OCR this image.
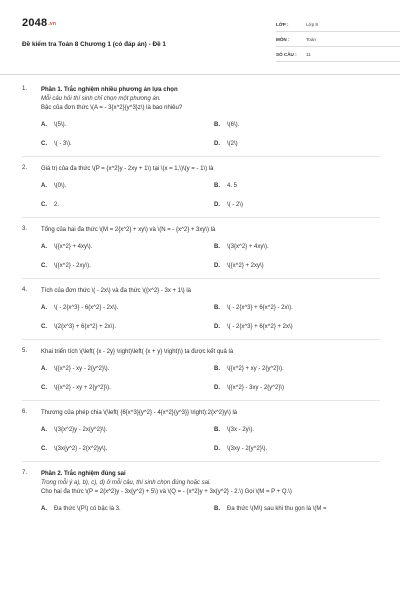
2048.vn
Đề kiểm tra Toán 8 Chương 1 (có đáp án) - Đề 1
LỚP :	Lớp 8
MÔN :	Toán
SỐ CÂU :	11
1. Phần 1. Trắc nghiệm nhiều phương án lựa chọn
Mỗi câu hỏi thí sinh chỉ chọn một phương án.
Bậc của đơn thức \(A = - 3{x^2}{y^3}z\) là bao nhiêu?
A.	\(5\).	B.	\(6\).
C.	\( - 3\).	D.	\(2\)
2. Giá trị của đa thức \(P = {x^2}y - 2xy + 1\) tại \(x = 1,\)\(y = - 1\) là
A.	\(0\).	B.	4. 5
C.	2.	D.	\( - 2\)
3. Tổng của hai đa thức \(M = 2{x^2} + xy\) và \(N = - {x^2} + 3xy\) là
A.	\({x^2} + 4xy\).	B.	\(3{x^2} + 4xy\).
C.	\({x^2} - 2xy\).	D.	\({x^2} + 2xy\)
4. Tích của đơn thức \( - 2x\) và đa thức \({x^2} - 3x + 1\) là
A.	\( - 2{x^3} - 6{x^2} - 2x\).	B.	\( - 2{x^3} + 6{x^2} - 2x\).
C.	\(2{x^3} + 6{x^2} + 2x\).	D.	\( - 2{x^3} + 6{x^2} + 2x\)
5. Khai triển tích \(\left( {x - 2y} \right)\left( {x + y} \right)\) ta được kết quả là
A.	\({x^2} - xy - 2{y^2}\).	B.	\({x^2} + xy - 2{y^2}\).
C.	\({x^2} - xy + 2{y^2}\).	D.	\({x^2} - 3xy - 2{y^2}\)
6. Thương của phép chia \(\left( {6{x^3}{y^2} - 4{x^2}{y^3}} \right):2{x^2}y\) là
A.	\(3{x^2}y - 2x{y^2}\).	B.	\(3x - 2y\).
C.	\(3x{y^2} - 2{x^2}y\).	D.	\(3xy - 2{y^2}\).
7. Phần 2. Trắc nghiệm đúng sai
Trong mỗi ý a), b), c), d) ở mỗi câu, thí sinh chọn đúng hoặc sai.
Cho hai đa thức \(P = 2{x^2}y - 3x{y^2} + 5\) và \(Q = - {x^2}y + 3x{y^2} - 2.\) Gọi \(M = P + Q.\)
A.	Đa thức \(P\) có bậc là 3.	B.	Đa thức \(M\) sau khi thu gọn là \(M =
